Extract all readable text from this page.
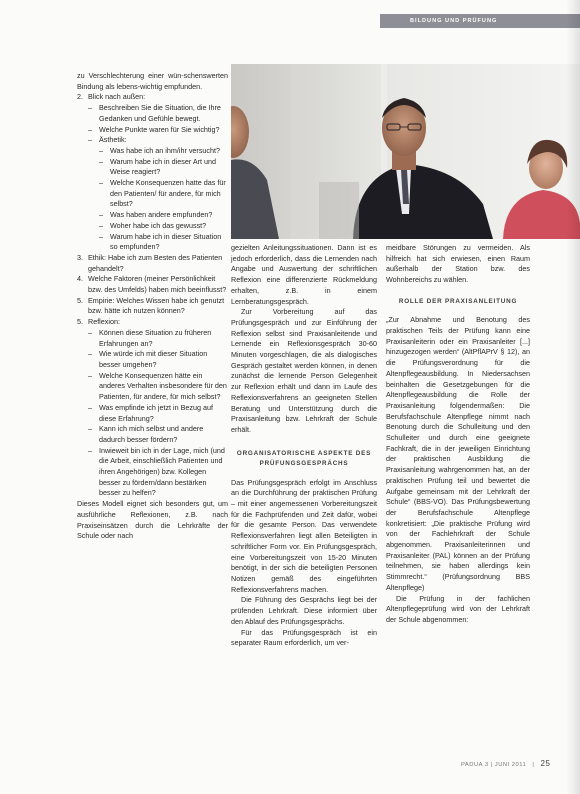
BILDUNG UND PRÜFUNG

zu Verschlechterung einer wün-schenswerten Bindung als lebens-wichtig empfunden.

2. Blick nach außen:
– Beschreiben Sie die Situation, die Ihre Gedanken und Gefühle bewegt.
– Welche Punkte waren für Sie wichtig?
– Ästhetik:
– Was habe ich an ihm/ihr versucht?
– Warum habe ich in dieser Art und Weise reagiert?
– Welche Konsequenzen hatte das für den Patienten/ für andere, für mich selbst?
– Was haben andere empfunden?
– Woher habe ich das gewusst?
– Warum habe ich in dieser Situation so empfunden?
3. Ethik: Habe ich zum Besten des Patienten gehandelt?
4. Welche Faktoren (meiner Persönlichkeit bzw. des Umfelds) haben mich beeinflusst?
5. Empirie: Welches Wissen habe ich genutzt bzw. hätte ich nutzen können?
5. Reflexion:
– Können diese Situation zu früheren Erfahrungen an?
– Wie würde ich mit dieser Situation besser umgehen?
– Welche Konsequenzen hätte ein anderes Verhalten insbesondere für den Patienten, für andere, für mich selbst?
– Was empfinde ich jetzt in Bezug auf diese Erfahrung?
– Kann ich mich selbst und andere dadurch besser fördern?
– Inwieweit bin ich in der Lage, mich (und die Arbeit, einschließlich Patienten und ihren Angehörigen) bzw. Kollegen besser zu fördern/dann bestärken besser zu helfen?

Dieses Modell eignet sich besonders gut, um ausführliche Reflexionen, z.B. nach Praxiseinsätzen durch die Lehrkräfte der Schule oder nach

gezielten Anleitungssituationen. Dann ist es jedoch erforderlich, dass die Lernenden nach Angabe und Auswertung der schriftlichen Reflexion eine differenzierte Rückmeldung erhalten, z.B. in einem Lernberatungsgespräch.

Zur Vorbereitung auf das Prüfungsgespräch und zur Einführung der Reflexion selbst sind Praxisanleitende und Lernende ein Reflexionsgespräch 30-60 Minuten vorgeschlagen, die als dialogisches Gespräch gestaltet werden können, in denen zunächst die lernende Person Gelegenheit zur Reflexion erhält und dann im Laufe des Reflexionsverfahrens an geeigneten Stellen Beratung und Unterstützung durch die Praxisanleitung bzw. Lehrkraft der Schule erhält.

ORGANISATORISCHE ASPEKTE DES PRÜFUNGSGESPRÄCHS

Das Prüfungsgespräch erfolgt im Anschluss an die Durchführung der praktischen Prüfung – mit einer angemessenen Vorbereitungszeit für die Fachprüfenden und Zeit dafür, wobei für die gesamte Person. Das verwendete Reflexionsverfahren liegt allen Beteiligten in schriftlicher Form vor. Ein Prüfungsgespräch, eine Vorbereitungszeit von 15-20 Minuten benötigt, in der sich die beteiligten Personen Notizen gemäß des eingeführten Reflexionsverfahrens machen.

Die Führung des Gesprächs liegt bei der prüfenden Lehrkraft. Diese informiert über den Ablauf des Prüfungsgesprächs.

Für das Prüfungsgespräch ist ein separater Raum erforderlich, um ver-

meidbare Störungen zu vermeiden. Als hilfreich hat sich erwiesen, einen Raum außerhalb der Station bzw. des Wohnbereichs zu wählen.

ROLLE DER PRAXISANLEITUNG

„Zur Abnahme und Benotung des praktischen Teils der Prüfung kann eine Praxisanleiterin oder ein Praxisanleiter [...] hinzugezogen werden“ (AltPflAPrV § 12), an die Prüfungsverordnung für die Altenpflegeausbildung. In Niedersachsen beinhalten die Gesetzgebungen für die Altenpflegeausbildung die Rolle der Praxisanleitung folgendermaßen: Die Berufsfachschule Altenpflege nimmt nach Benotung durch die Schulleitung und den Schulleiter und durch eine geeignete Fachkraft, die in der jeweiligen Einrichtung der praktischen Ausbildung die Praxisanleitung wahrgenommen hat, an der praktischen Prüfung teil und bewertet die Aufgabe gemeinsam mit der Lehrkraft der Schule“ (BBS-VO). Das Prüfungsbewertung der Berufsfachschule Altenpflege konkretisiert: „Die praktische Prüfung wird von der Fachlehrkraft der Schule abgenommen. Praxisanleiterinnen und Praxisanleiter (PAL) können an der Prüfung teilnehmen, sie haben allerdings kein Stimmrecht.“ (Prüfungsordnung BBS Altenpflege)

Die Prüfung in der fachlichen Altenpflegeprüfung wird von der Lehrkraft der Schule abgenommen:

PADUA 3 | JUNI 2011 | 25
